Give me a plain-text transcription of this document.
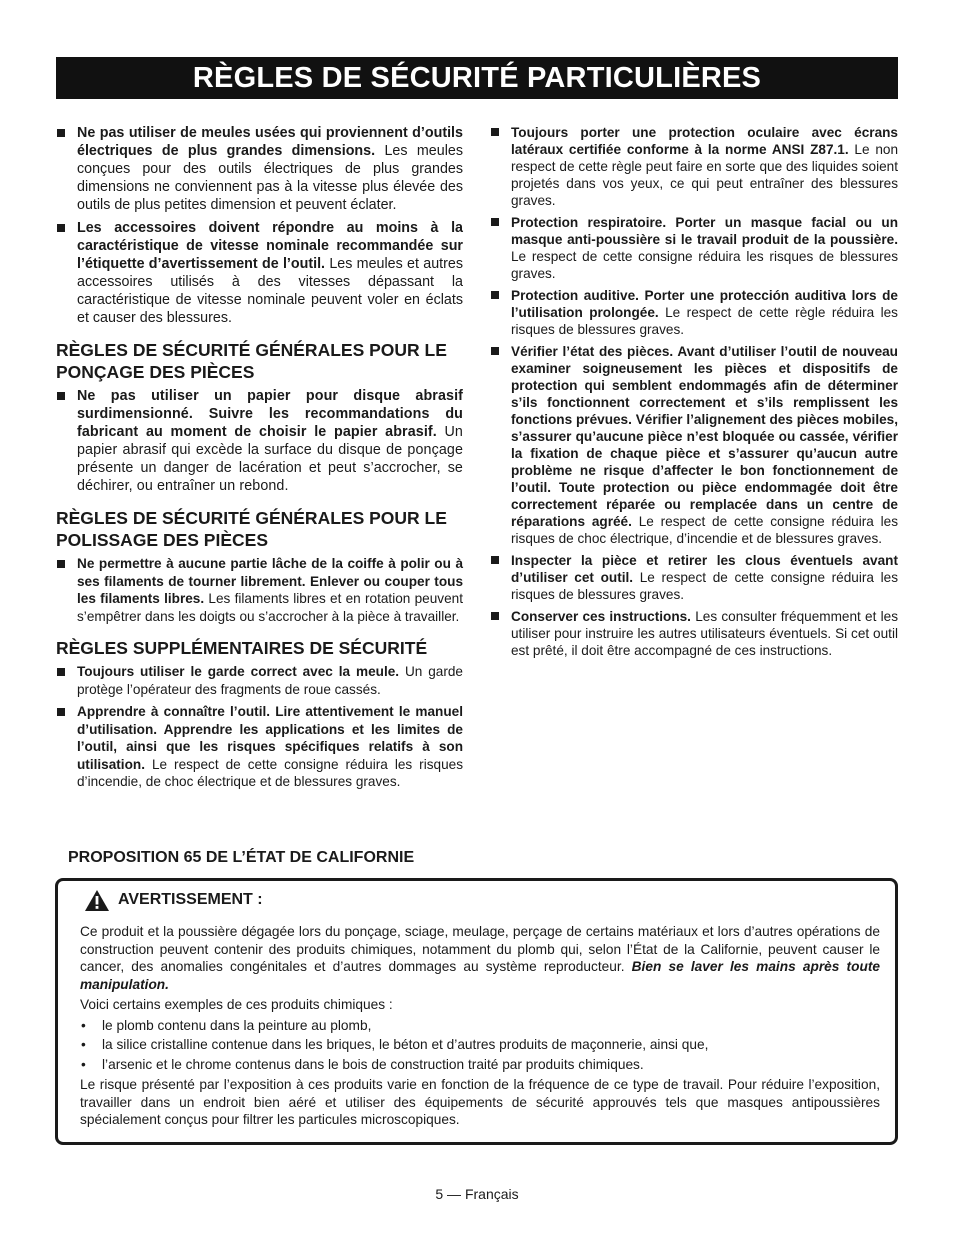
RÈGLES DE SÉCURITÉ PARTICULIÈRES
Ne pas utiliser de meules usées qui proviennent d’outils électriques de plus grandes dimensions. Les meules conçues pour des outils électriques de plus grandes dimensions ne conviennent pas à la vitesse plus élevée des outils de plus petites dimension et peuvent éclater.
Les accessoires doivent répondre au moins à la caractéristique de vitesse nominale recommandée sur l’étiquette d’avertissement de l’outil. Les meules et autres accessoires utilisés à des vitesses dépassant la caractéristique de vitesse nominale peuvent voler en éclats et causer des blessures.
RÈGLES DE SÉCURITÉ GÉNÉRALES POUR LE PONÇAGE DES PIÈCES
Ne pas utiliser un papier pour disque abrasif surdimensionné. Suivre les recommandations du fabricant au moment de choisir le papier abrasif. Un papier abrasif qui excède la surface du disque de ponçage présente un danger de lacération et peut s’accrocher, se déchirer, ou entraîner un rebond.
RÈGLES DE SÉCURITÉ GÉNÉRALES POUR LE POLISSAGE DES PIÈCES
Ne permettre à aucune partie lâche de la coiffe à polir ou à ses filaments de tourner librement. Enlever ou couper tous les filaments libres. Les filaments libres et en rotation peuvent s’empêtrer dans les doigts ou s’accrocher à la pièce à travailler.
RÈGLES SUPPLÉMENTAIRES DE SÉCURITÉ
Toujours utiliser le garde correct avec la meule. Un garde protège l’opérateur des fragments de roue cassés.
Apprendre à connaître l’outil. Lire attentivement le manuel d’utilisation. Apprendre les applications et les limites de l’outil, ainsi que les risques spécifiques relatifs à son utilisation. Le respect de cette consigne réduira les risques d’incendie, de choc électrique et de blessures graves.
Toujours porter une protection oculaire avec écrans latéraux certifiée conforme à la norme ANSI Z87.1. Le non respect de cette règle peut faire en sorte que des liquides soient projetés dans vos yeux, ce qui peut entraîner des blessures graves.
Protection respiratoire. Porter un masque facial ou un masque anti-poussière si le travail produit de la poussière. Le respect de cette consigne réduira les risques de blessures graves.
Protection auditive. Porter une protección auditiva lors de l’utilisation prolongée. Le respect de cette règle réduira les risques de blessures graves.
Vérifier l’état des pièces. Avant d’utiliser l’outil de nouveau examiner soigneusement les pièces et dispositifs de protection qui semblent endommagés afin de déterminer s’ils fonctionnent correctement et s’ils remplissent les fonctions prévues. Vérifier l’alignement des pièces mobiles, s’assurer qu’aucune pièce n’est bloquée ou cassée, vérifier la fixation de chaque pièce et s’assurer qu’aucun autre problème ne risque d’affecter le bon fonctionnement de l’outil. Toute protection ou pièce endommagée doit être correctement réparée ou remplacée dans un centre de réparations agréé. Le respect de cette consigne réduira les risques de choc électrique, d’incendie et de blessures graves.
Inspecter la pièce et retirer les clous éventuels avant d’utiliser cet outil. Le respect de cette consigne réduira les risques de blessures graves.
Conserver ces instructions. Les consulter fréquemment et les utiliser pour instruire les autres utilisateurs éventuels. Si cet outil est prêté, il doit être accompagné de ces instructions.
PROPOSITION 65 DE L’ÉTAT DE CALIFORNIE
AVERTISSEMENT :

Ce produit et la poussière dégagée lors du ponçage, sciage, meulage, perçage de certains matériaux et lors d’autres opérations de construction peuvent contenir des produits chimiques, notamment du plomb qui, selon l’État de la Californie, peuvent causer le cancer, des anomalies congénitales et d’autres dommages au système reproducteur. Bien se laver les mains après toute manipulation.

Voici certains exemples de ces produits chimiques :

• le plomb contenu dans la peinture au plomb,
• la silice cristalline contenue dans les briques, le béton et d’autres produits de maçonnerie, ainsi que,
• l’arsenic et le chrome contenus dans le bois de construction traité par produits chimiques.

Le risque présenté par l’exposition à ces produits varie en fonction de la fréquence de ce type de travail. Pour réduire l’exposition, travailler dans un endroit bien aéré et utiliser des équipements de sécurité approuvés tels que masques antipoussières spécialement conçus pour filtrer les particules microscopiques.

5 — Français
